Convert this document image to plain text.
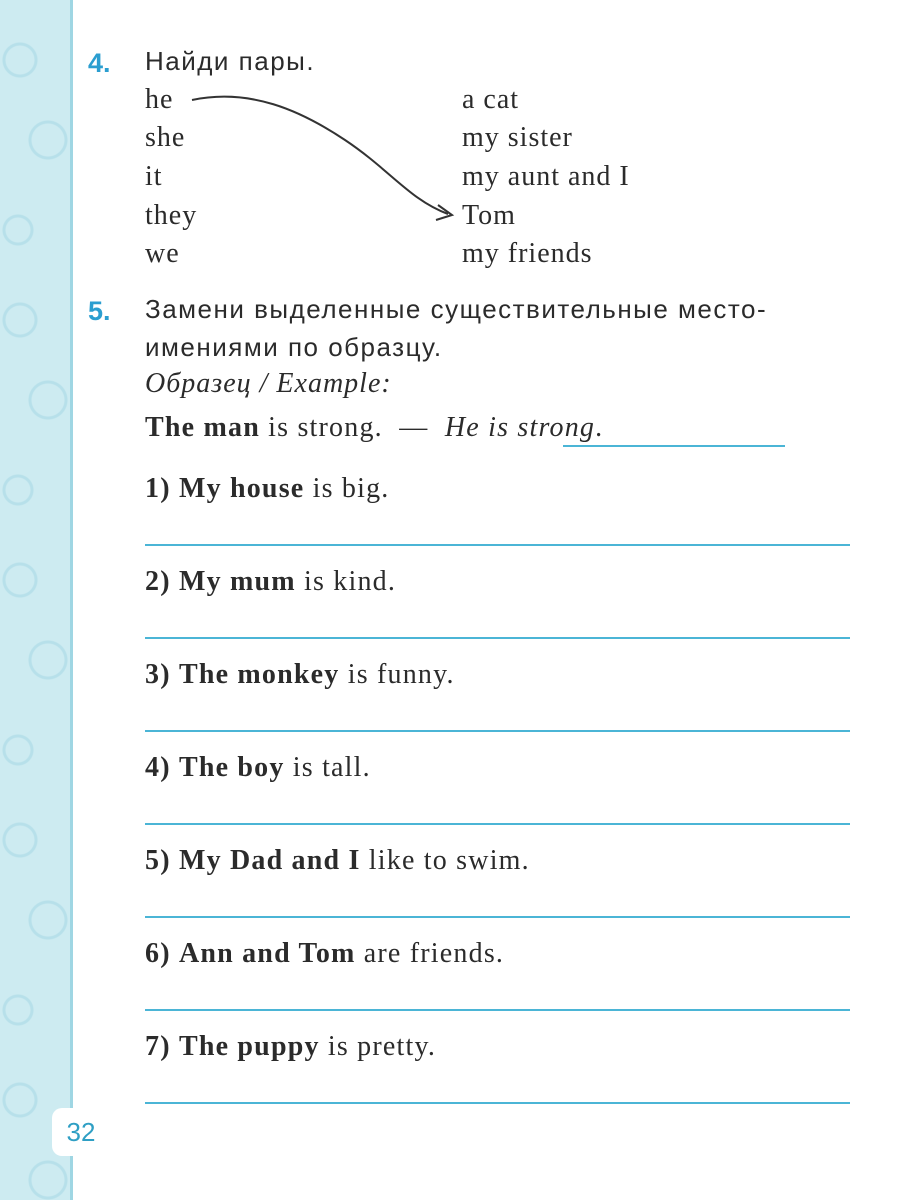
4. Найди пары.
he
she
it
they
we
a cat
my sister
my aunt and I
Tom
my friends
5. Замени выделенные существительные место-
имениями по образцу.
Образец / Example:
The man is strong.  —  He is strong.
1) My house is big.
2) My mum is kind.
3) The monkey is funny.
4) The boy is tall.
5) My Dad and I like to swim.
6) Ann and Tom are friends.
7) The puppy is pretty.
32
